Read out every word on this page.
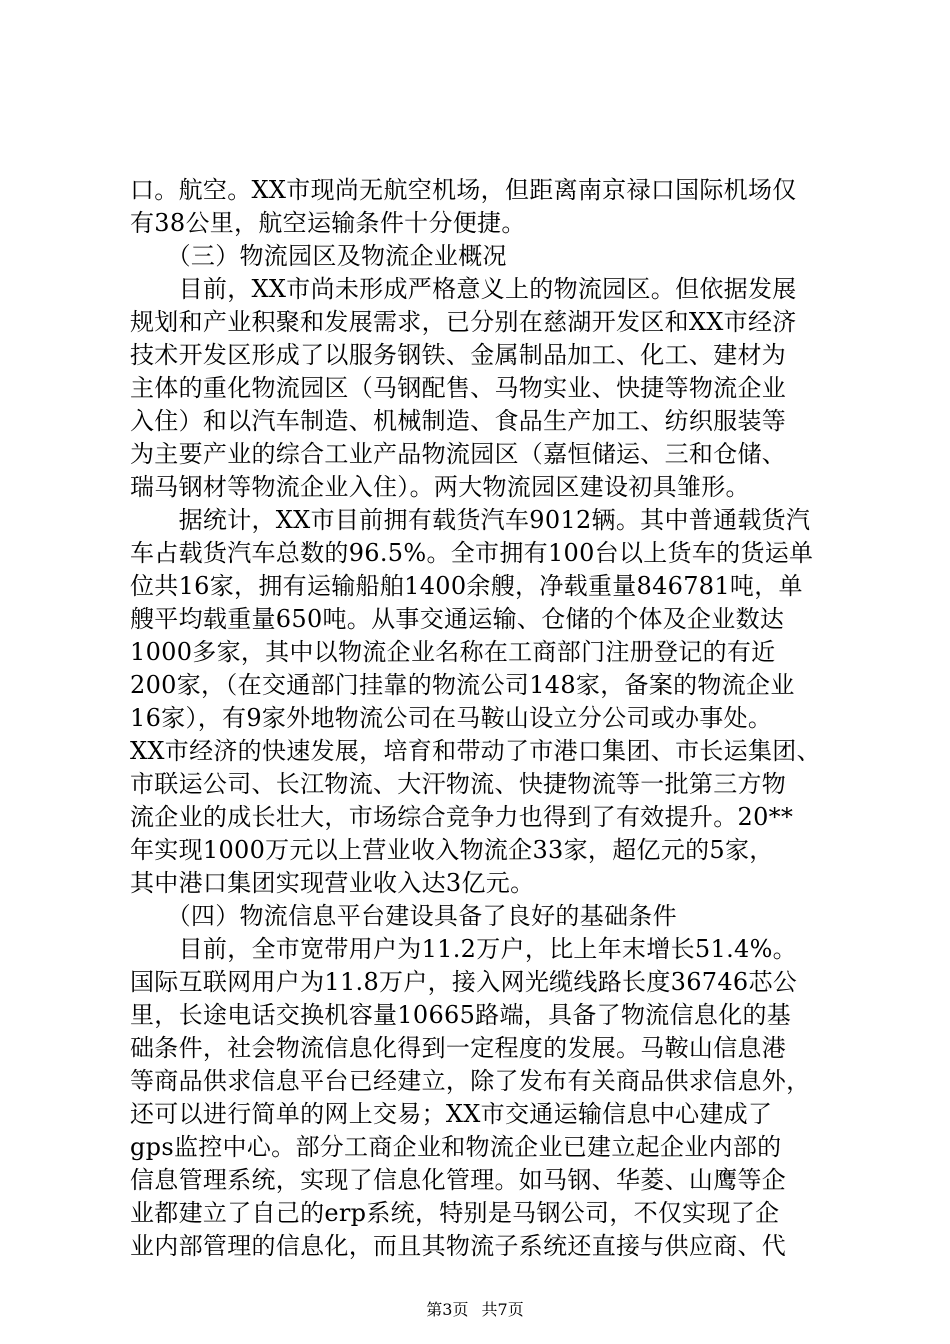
口。航空。XX市现尚无航空机场，但距离南京禄口国际机场仅
有38公里，航空运输条件十分便捷。
　　（三）物流园区及物流企业概况
　　目前，XX市尚未形成严格意义上的物流园区。但依据发展
规划和产业积聚和发展需求，已分别在慈湖开发区和XX市经济
技术开发区形成了以服务钢铁、金属制品加工、化工、建材为
主体的重化物流园区（马钢配售、马物实业、快捷等物流企业
入住）和以汽车制造、机械制造、食品生产加工、纺织服装等
为主要产业的综合工业产品物流园区（嘉恒储运、三和仓储、
瑞马钢材等物流企业入住）。两大物流园区建设初具雏形。
　　据统计，XX市目前拥有载货汽车9012辆。其中普通载货汽
车占载货汽车总数的96.5%。全市拥有100台以上货车的货运单
位共16家，拥有运输船舶1400余艘，净载重量846781吨，单
艘平均载重量650吨。从事交通运输、仓储的个体及企业数达
1000多家，其中以物流企业名称在工商部门注册登记的有近
200家，（在交通部门挂靠的物流公司148家，备案的物流企业
16家），有9家外地物流公司在马鞍山设立分公司或办事处。
XX市经济的快速发展，培育和带动了市港口集团、市长运集团、
市联运公司、长江物流、大汗物流、快捷物流等一批第三方物
流企业的成长壮大，市场综合竞争力也得到了有效提升。20**
年实现1000万元以上营业收入物流企33家，超亿元的5家，
其中港口集团实现营业收入达3亿元。
　　（四）物流信息平台建设具备了良好的基础条件
　　目前，全市宽带用户为11.2万户，比上年末增长51.4%。
国际互联网用户为11.8万户，接入网光缆线路长度36746芯公
里，长途电话交换机容量10665路端，具备了物流信息化的基
础条件，社会物流信息化得到一定程度的发展。马鞍山信息港
等商品供求信息平台已经建立，除了发布有关商品供求信息外，
还可以进行简单的网上交易；XX市交通运输信息中心建成了
gps监控中心。部分工商企业和物流企业已建立起企业内部的
信息管理系统，实现了信息化管理。如马钢、华菱、山鹰等企
第3页 共7页
业都建立了自己的erp系统，特别是马钢公司，不仅实现了企
业内部管理的信息化，而且其物流子系统还直接与供应商、代
